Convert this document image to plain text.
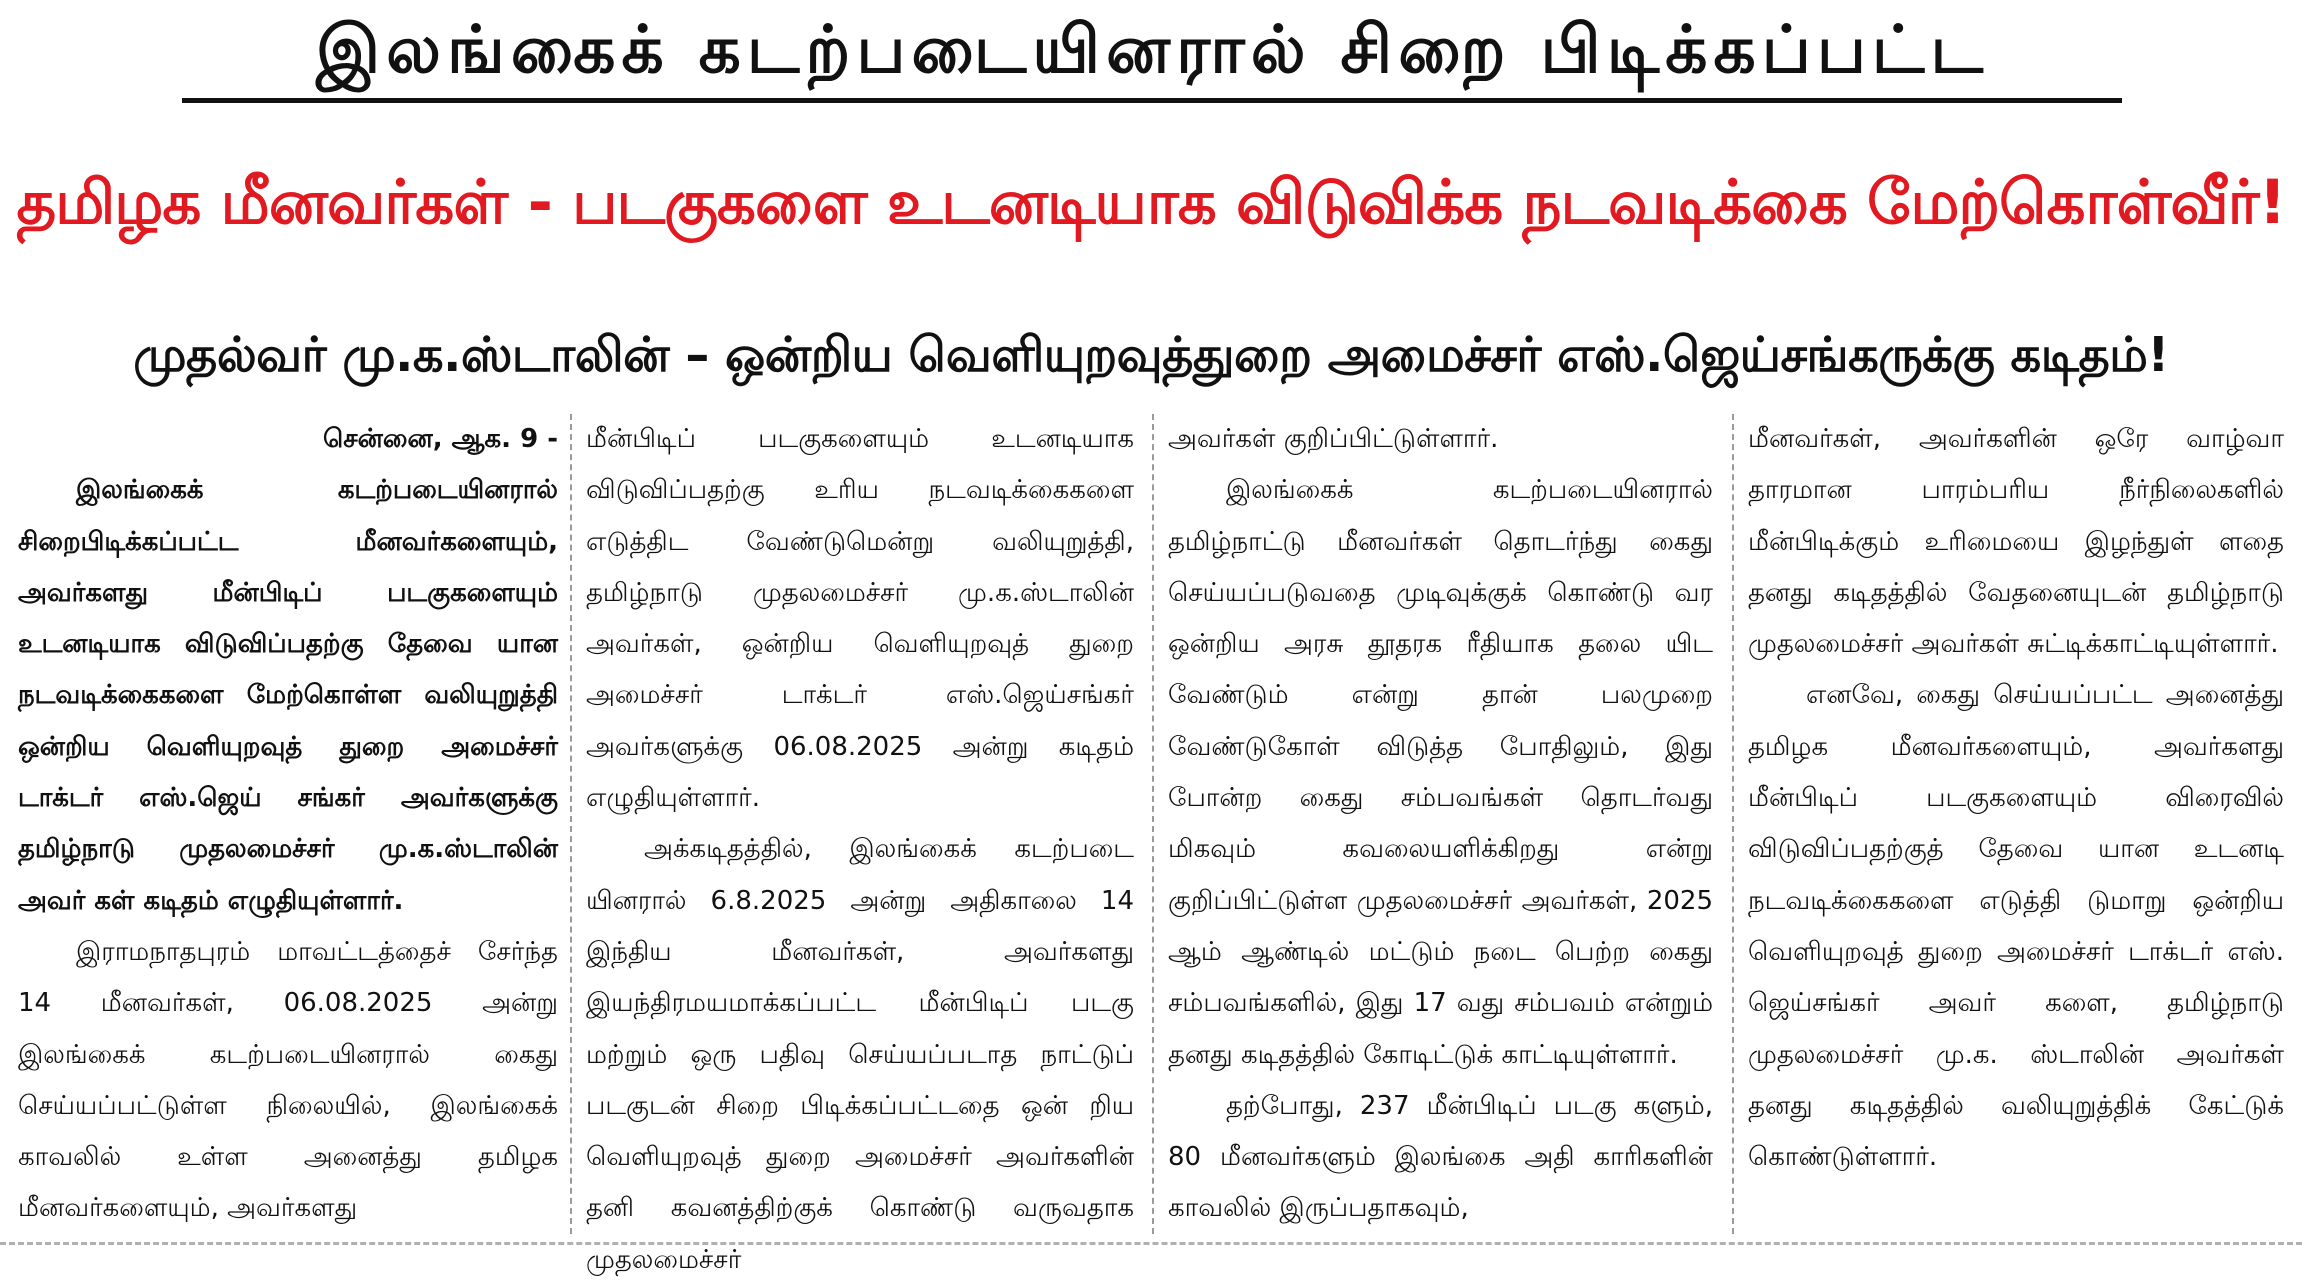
இலங்கைக் கடற்படையினரால் சிறை பிடிக்கப்பட்ட
தமிழக மீனவர்கள் - படகுகளை உடனடியாக விடுவிக்க நடவடிக்கை மேற்கொள்வீர்!
முதல்வர் மு.க.ஸ்டாலின் – ஒன்றிய வெளியுறவுத்துறை அமைச்சர் எஸ்.ஜெய்சங்கருக்கு கடிதம்!

சென்னை, ஆக. 9 -

இலங்கைக் கடற்படையினரால் சிறைபிடிக்கப்பட்ட மீனவர்களையும், அவர்களது மீன்பிடிப் படகுகளையும் உடனடியாக விடுவிப்பதற்கு தேவை யான நடவடிக்கைகளை மேற்கொள்ள வலியுறுத்தி ஒன்றிய வெளியுறவுத் துறை அமைச்சர் டாக்டர் எஸ்.ஜெய் சங்கர் அவர்களுக்கு தமிழ்நாடு முதலமைச்சர் மு.க.ஸ்டாலின் அவர் கள் கடிதம் எழுதியுள்ளார்.

இராமநாதபுரம் மாவட்டத்தைச் சேர்ந்த 14 மீனவர்கள், 06.08.2025 அன்று இலங்கைக் கடற்படையினரால் கைது செய்யப்பட்டுள்ள நிலையில், இலங்கைக் காவலில் உள்ள அனைத்து தமிழக மீனவர்களையும், அவர்களது

மீன்பிடிப் படகுகளையும் உடனடியாக விடுவிப்பதற்கு உரிய நடவடிக்கைகளை எடுத்திட வேண்டுமென்று வலியுறுத்தி, தமிழ்நாடு முதலமைச்சர் மு.க.ஸ்டாலின் அவர்கள், ஒன்றிய வெளியுறவுத் துறை அமைச்சர் டாக்டர் எஸ்.ஜெய்சங்கர் அவர்களுக்கு 06.08.2025 அன்று கடிதம் எழுதியுள்ளார்.

அக்கடிதத்தில், இலங்கைக் கடற்படை யினரால் 6.8.2025 அன்று அதிகாலை 14 இந்திய மீனவர்கள், அவர்களது இயந்திரமயமாக்கப்பட்ட மீன்பிடிப் படகு மற்றும் ஒரு பதிவு செய்யப்படாத நாட்டுப் படகுடன் சிறை பிடிக்கப்பட்டதை ஒன் றிய வெளியுறவுத் துறை அமைச்சர் அவர்களின் தனி கவனத்திற்குக் கொண்டு வருவதாக முதலமைச்சர்

அவர்கள் குறிப்பிட்டுள்ளார்.

இலங்கைக் கடற்படையினரால் தமிழ்நாட்டு மீனவர்கள் தொடர்ந்து கைது செய்யப்படுவதை முடிவுக்குக் கொண்டு வர ஒன்றிய அரசு தூதரக ரீதியாக தலை யிட வேண்டும் என்று தான் பலமுறை வேண்டுகோள் விடுத்த போதிலும், இது போன்ற கைது சம்பவங்கள் தொடர்வது மிகவும் கவலையளிக்கிறது என்று குறிப்பிட்டுள்ள முதலமைச்சர் அவர்கள், 2025 ஆம் ஆண்டில் மட்டும் நடை பெற்ற கைது சம்பவங்களில், இது 17 வது சம்பவம் என்றும் தனது கடிதத்தில் கோடிட்டுக் காட்டியுள்ளார்.

தற்போது, 237 மீன்பிடிப் படகு களும், 80 மீனவர்களும் இலங்கை அதி காரிகளின் காவலில் இருப்பதாகவும்,

மீனவர்கள், அவர்களின் ஒரே வாழ்வா தாரமான பாரம்பரிய நீர்நிலைகளில் மீன்பிடிக்கும் உரிமையை இழந்துள் ளதை தனது கடிதத்தில் வேதனையுடன் தமிழ்நாடு முதலமைச்சர் அவர்கள் சுட்டிக்காட்டியுள்ளார்.

எனவே, கைது செய்யப்பட்ட அனைத்து தமிழக மீனவர்களையும், அவர்களது மீன்பிடிப் படகுகளையும் விரைவில் விடுவிப்பதற்குத் தேவை யான உடனடி நடவடிக்கைகளை எடுத்தி டுமாறு ஒன்றிய வெளியுறவுத் துறை அமைச்சர் டாக்டர் எஸ். ஜெய்சங்கர் அவர் களை, தமிழ்நாடு முதலமைச்சர் மு.க. ஸ்டாலின் அவர்கள் தனது கடிதத்தில் வலியுறுத்திக் கேட்டுக் கொண்டுள்ளார்.
